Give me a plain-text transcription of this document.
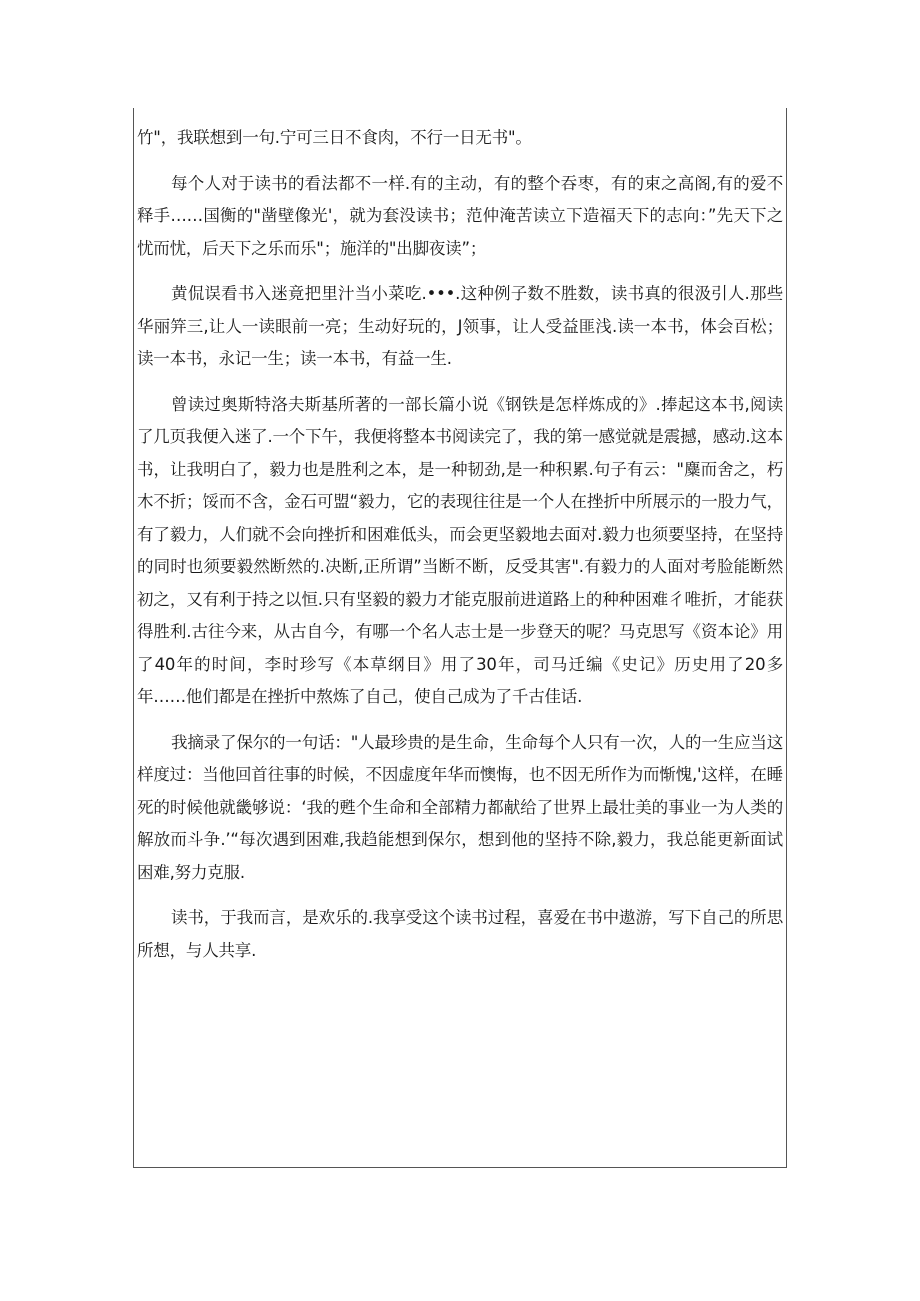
竹"，我联想到一句.宁可三日不食肉，不行一日无书"。

每个人对于读书的看法都不一样.有的主动，有的整个吞枣，有的束之高阁,有的爱不释手……国衡的"凿壁像光'，就为套没读书；范仲淹苦读立下造福天下的志向：”先天下之忧而忧，后天下之乐而乐"；施洋的"出脚夜读”；

黄侃误看书入迷竟把里汁当小菜吃.•••.这种例子数不胜数，读书真的很汲引人.那些华丽笄三,让人一读眼前一亮；生动好玩的，J领事，让人受益匪浅.读一本书，体会百松；读一本书，永记一生；读一本书，有益一生.

曾读过奥斯特洛夫斯基所著的一部长篇小说《钢铁是怎样炼成的》.捧起这本书,阅读了几页我便入迷了.一个下午，我便将整本书阅读完了，我的第一感觉就是震撼，感动.这本书，让我明白了，毅力也是胜利之本，是一种韧劲,是一种积累.句子有云："麋而舍之，朽木不折；馁而不含，金石可盟“毅力，它的表现往往是一个人在挫折中所展示的一股力气，有了毅力，人们就不会向挫折和困难低头，而会更坚毅地去面对.毅力也须要坚持，在坚持的同时也须要毅然断然的.决断,正所谓”当断不断，反受其害".有毅力的人面对考脸能断然初之，又有利于持之以恒.只有坚毅的毅力才能克服前进道路上的种种困难彳唯折，才能获得胜利.古往今来，从古自今，有哪一个名人志士是一步登天的呢？马克思写《资本论》用了40年的时间，李时珍写《本草纲目》用了30年，司马迁编《史记》历史用了20多年……他们都是在挫折中熬炼了自己，使自己成为了千古佳话.

我摘录了保尔的一句话："人最珍贵的是生命，生命每个人只有一次，人的一生应当这样度过：当他回首往事的时候，不因虚度年华而懊悔，也不因无所作为而惭愧,'这样，在睡死的时候他就畿够说：‘我的甦个生命和全部精力都献给了世界上最壮美的事业一为人类的解放而斗争.’“每次遇到困难,我趋能想到保尔，想到他的坚持不除,毅力，我总能更新面试困难,努力克服.

读书，于我而言，是欢乐的.我享受这个读书过程，喜爱在书中遨游，写下自己的所思所想，与人共享.
